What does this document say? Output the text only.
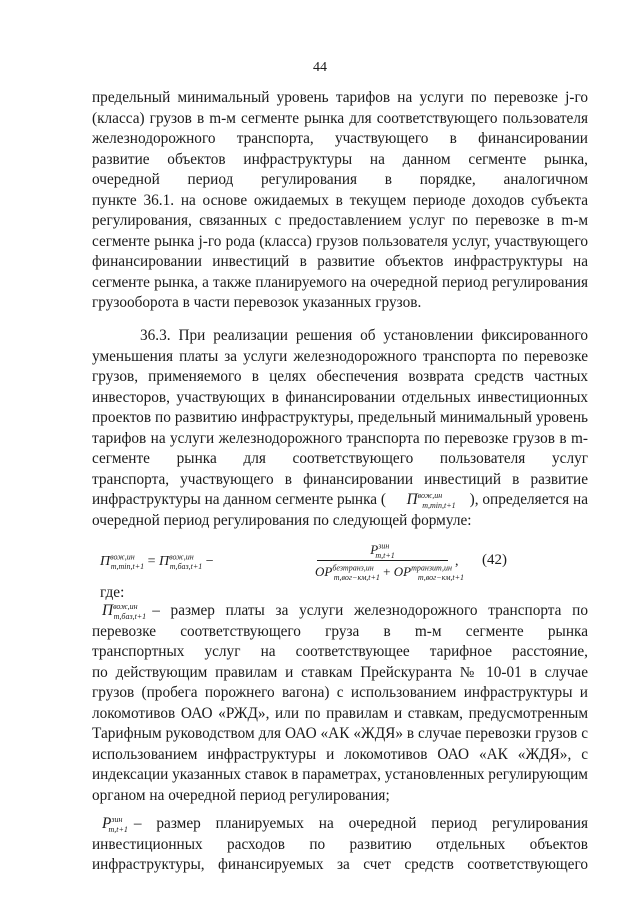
44
предельный минимальный уровень тарифов на услуги по перевозке j-го
(класса) грузов в m-м сегменте рынка для соответствующего пользователя
железнодорожного транспорта, участвующего в финансировании
развитие объектов инфраструктуры на данном сегменте рынка,
очередной период регулирования в порядке, аналогичном
пункте 36.1. на основе ожидаемых в текущем периоде доходов субъекта
регулирования, связанных с предоставлением услуг по перевозке в m-м
сегменте рынка j-го рода (класса) грузов пользователя услуг, участвующего
финансировании инвестиций в развитие объектов инфраструктуры на
сегменте рынка, а также планируемого на очередной период регулирования
грузооборота в части перевозок указанных грузов.
36.3. При реализации решения об установлении фиксированного
уменьшения платы за услуги железнодорожного транспорта по перевозке
грузов, применяемого в целях обеспечения возврата средств частных
инвесторов, участвующих в финансировании отдельных инвестиционных
проектов по развитию инфраструктуры, предельный минимальный уровень
тарифов на услуги железнодорожного транспорта по перевозке грузов в m-
сегменте рынка для соответствующего пользователя услуг
транспорта, участвующего в финансировании инвестиций в развитие
инфраструктуры на данном сегменте рынка ( $П^{вож,ин}_{m,min,t+1}$ ), определяется на
очередной период регулирования по следующей формуле:
$П^{вож,ин}_{m,min,t+1} = П^{вож,ин}_{m,баз,t+1}$ −
$P^{зин}_{m,t+1}$
$OP^{безтранз,ин}_{m,вог-км,t+1} + OP^{транзит,ин}_{m,вог-км,t+1}$
, (42)
где:
$П^{вож,ин}_{m,баз,t+1}$ – размер платы за услуги железнодорожного транспорта по
перевозке соответствующего груза в m-м сегменте рынка
транспортных услуг на соответствующее тарифное расстояние,
по действующим правилам и ставкам Прейскуранта № 10-01 в случае
грузов (пробега порожнего вагона) с использованием инфраструктуры и
локомотивов ОАО «РЖД», или по правилам и ставкам, предусмотренным
Тарифным руководством для ОАО «АК «ЖДЯ» в случае перевозки грузов с
использованием инфраструктуры и локомотивов ОАО «АК «ЖДЯ», с
индексации указанных ставок в параметрах, установленных регулирующим
органом на очередной период регулирования;
$P^{зин}_{m,t+1}$ – размер планируемых на очередной период регулирования
инвестиционных расходов по развитию отдельных объектов
инфраструктуры, финансируемых за счет средств соответствующего
